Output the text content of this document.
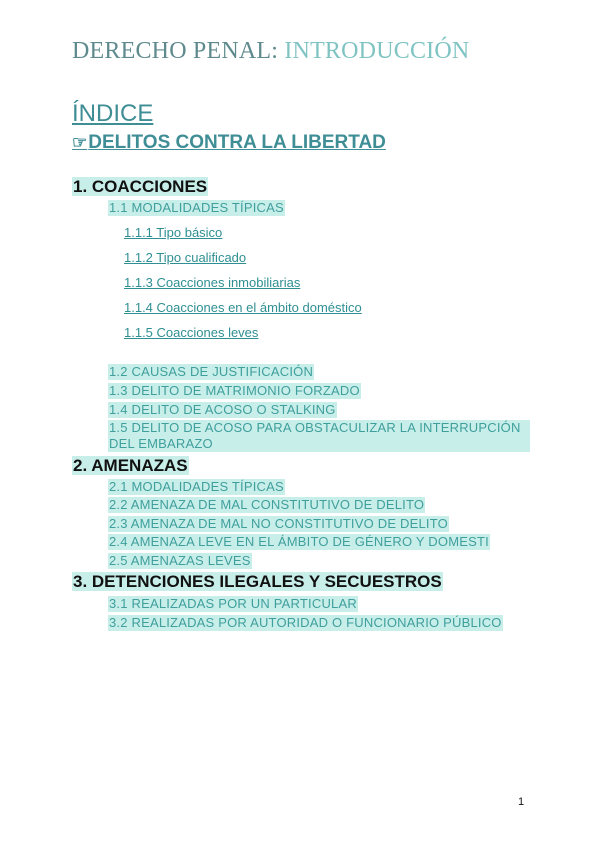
DERECHO PENAL: INTRODUCCIÓN
ÍNDICE
☞DELITOS CONTRA LA LIBERTAD
1. COACCIONES
1.1 MODALIDADES TÍPICAS
1.1.1 Tipo básico
1.1.2 Tipo cualificado
1.1.3 Coacciones inmobiliarias
1.1.4 Coacciones en el ámbito doméstico
1.1.5 Coacciones leves
1.2 CAUSAS DE JUSTIFICACIÓN
1.3 DELITO DE MATRIMONIO FORZADO
1.4 DELITO DE ACOSO O STALKING
1.5 DELITO DE ACOSO PARA OBSTACULIZAR LA INTERRUPCIÓN DEL EMBARAZO
2. AMENAZAS
2.1 MODALIDADES TÍPICAS
2.2 AMENAZA DE MAL CONSTITUTIVO DE DELITO
2.3 AMENAZA DE MAL NO CONSTITUTIVO DE DELITO
2.4 AMENAZA LEVE EN EL ÁMBITO DE GÉNERO Y DOMESTI
2.5 AMENAZAS LEVES
3. DETENCIONES ILEGALES Y SECUESTROS
3.1 REALIZADAS POR UN PARTICULAR
3.2 REALIZADAS POR AUTORIDAD O FUNCIONARIO PÚBLICO
1
